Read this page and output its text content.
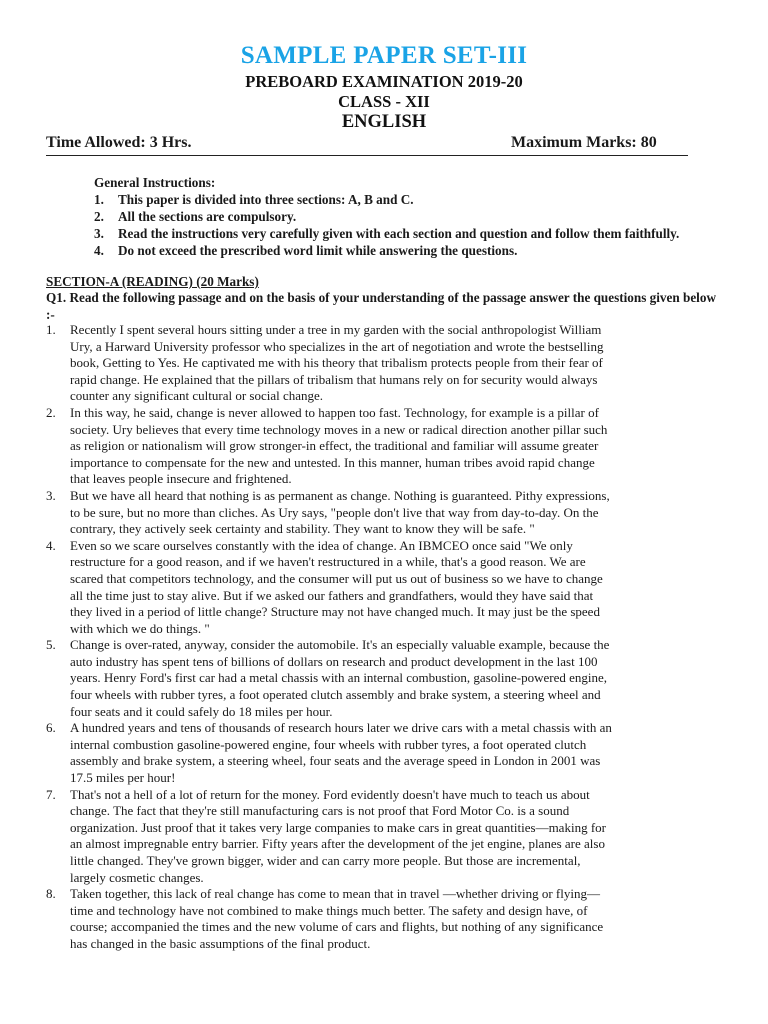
SAMPLE PAPER SET-III
PREBOARD EXAMINATION 2019-20
CLASS - XII
ENGLISH
Time Allowed: 3 Hrs.	Maximum Marks: 80
General Instructions:
1. This paper is divided into three sections: A, B and C.
2. All the sections are compulsory.
3. Read the instructions very carefully given with each section and question and follow them faithfully.
4. Do not exceed the prescribed word limit while answering the questions.
SECTION-A (READING) (20 Marks)
Q1. Read the following passage and on the basis of your understanding of the passage answer the questions given below :-
1. Recently I spent several hours sitting under a tree in my garden with the social anthropologist William
Ury, a Harward University professor who specializes in the art of negotiation and wrote the bestselling
book, Getting to Yes. He captivated me with his theory that tribalism protects people from their fear of
rapid change. He explained that the pillars of tribalism that humans rely on for security would always
counter any significant cultural or social change.
2. In this way, he said, change is never allowed to happen too fast. Technology, for example is a pillar of
society. Ury believes that every time technology moves in a new or radical direction another pillar such
as religion or nationalism will grow stronger-in effect, the traditional and familiar will assume greater
importance to compensate for the new and untested. In this manner, human tribes avoid rapid change
that leaves people insecure and frightened.
3. But we have all heard that nothing is as permanent as change. Nothing is guaranteed. Pithy expressions,
to be sure, but no more than cliches. As Ury says, "people don't live that way from day-to-day. On the
contrary, they actively seek certainty and stability. They want to know they will be safe. "
4. Even so we scare ourselves constantly with the idea of change. An IBMCEO once said "We only
restructure for a good reason, and if we haven't restructured in a while, that's a good reason. We are
scared that competitors technology, and the consumer will put us out of business so we have to change
all the time just to stay alive. But if we asked our fathers and grandfathers, would they have said that
they lived in a period of little change? Structure may not have changed much. It may just be the speed
with which we do things. "
5. Change is over-rated, anyway, consider the automobile. It's an especially valuable example, because the
auto industry has spent tens of billions of dollars on research and product development in the last 100
years. Henry Ford's first car had a metal chassis with an internal combustion, gasoline-powered engine,
four wheels with rubber tyres, a foot operated clutch assembly and brake system, a steering wheel and
four seats and it could safely do 18 miles per hour.
6. A hundred years and tens of thousands of research hours later we drive cars with a metal chassis with an
internal combustion gasoline-powered engine, four wheels with rubber tyres, a foot operated clutch
assembly and brake system, a steering wheel, four seats and the average speed in London in 2001 was
17.5 miles per hour!
7. That's not a hell of a lot of return for the money. Ford evidently doesn't have much to teach us about
change. The fact that they're still manufacturing cars is not proof that Ford Motor Co. is a sound
organization. Just proof that it takes very large companies to make cars in great quantities—making for
an almost impregnable entry barrier. Fifty years after the development of the jet engine, planes are also
little changed. They've grown bigger, wider and can carry more people. But those are incremental,
largely cosmetic changes.
8. Taken together, this lack of real change has come to mean that in travel —whether driving or flying—
time and technology have not combined to make things much better. The safety and design have, of
course; accompanied the times and the new volume of cars and flights, but nothing of any significance
has changed in the basic assumptions of the final product.
